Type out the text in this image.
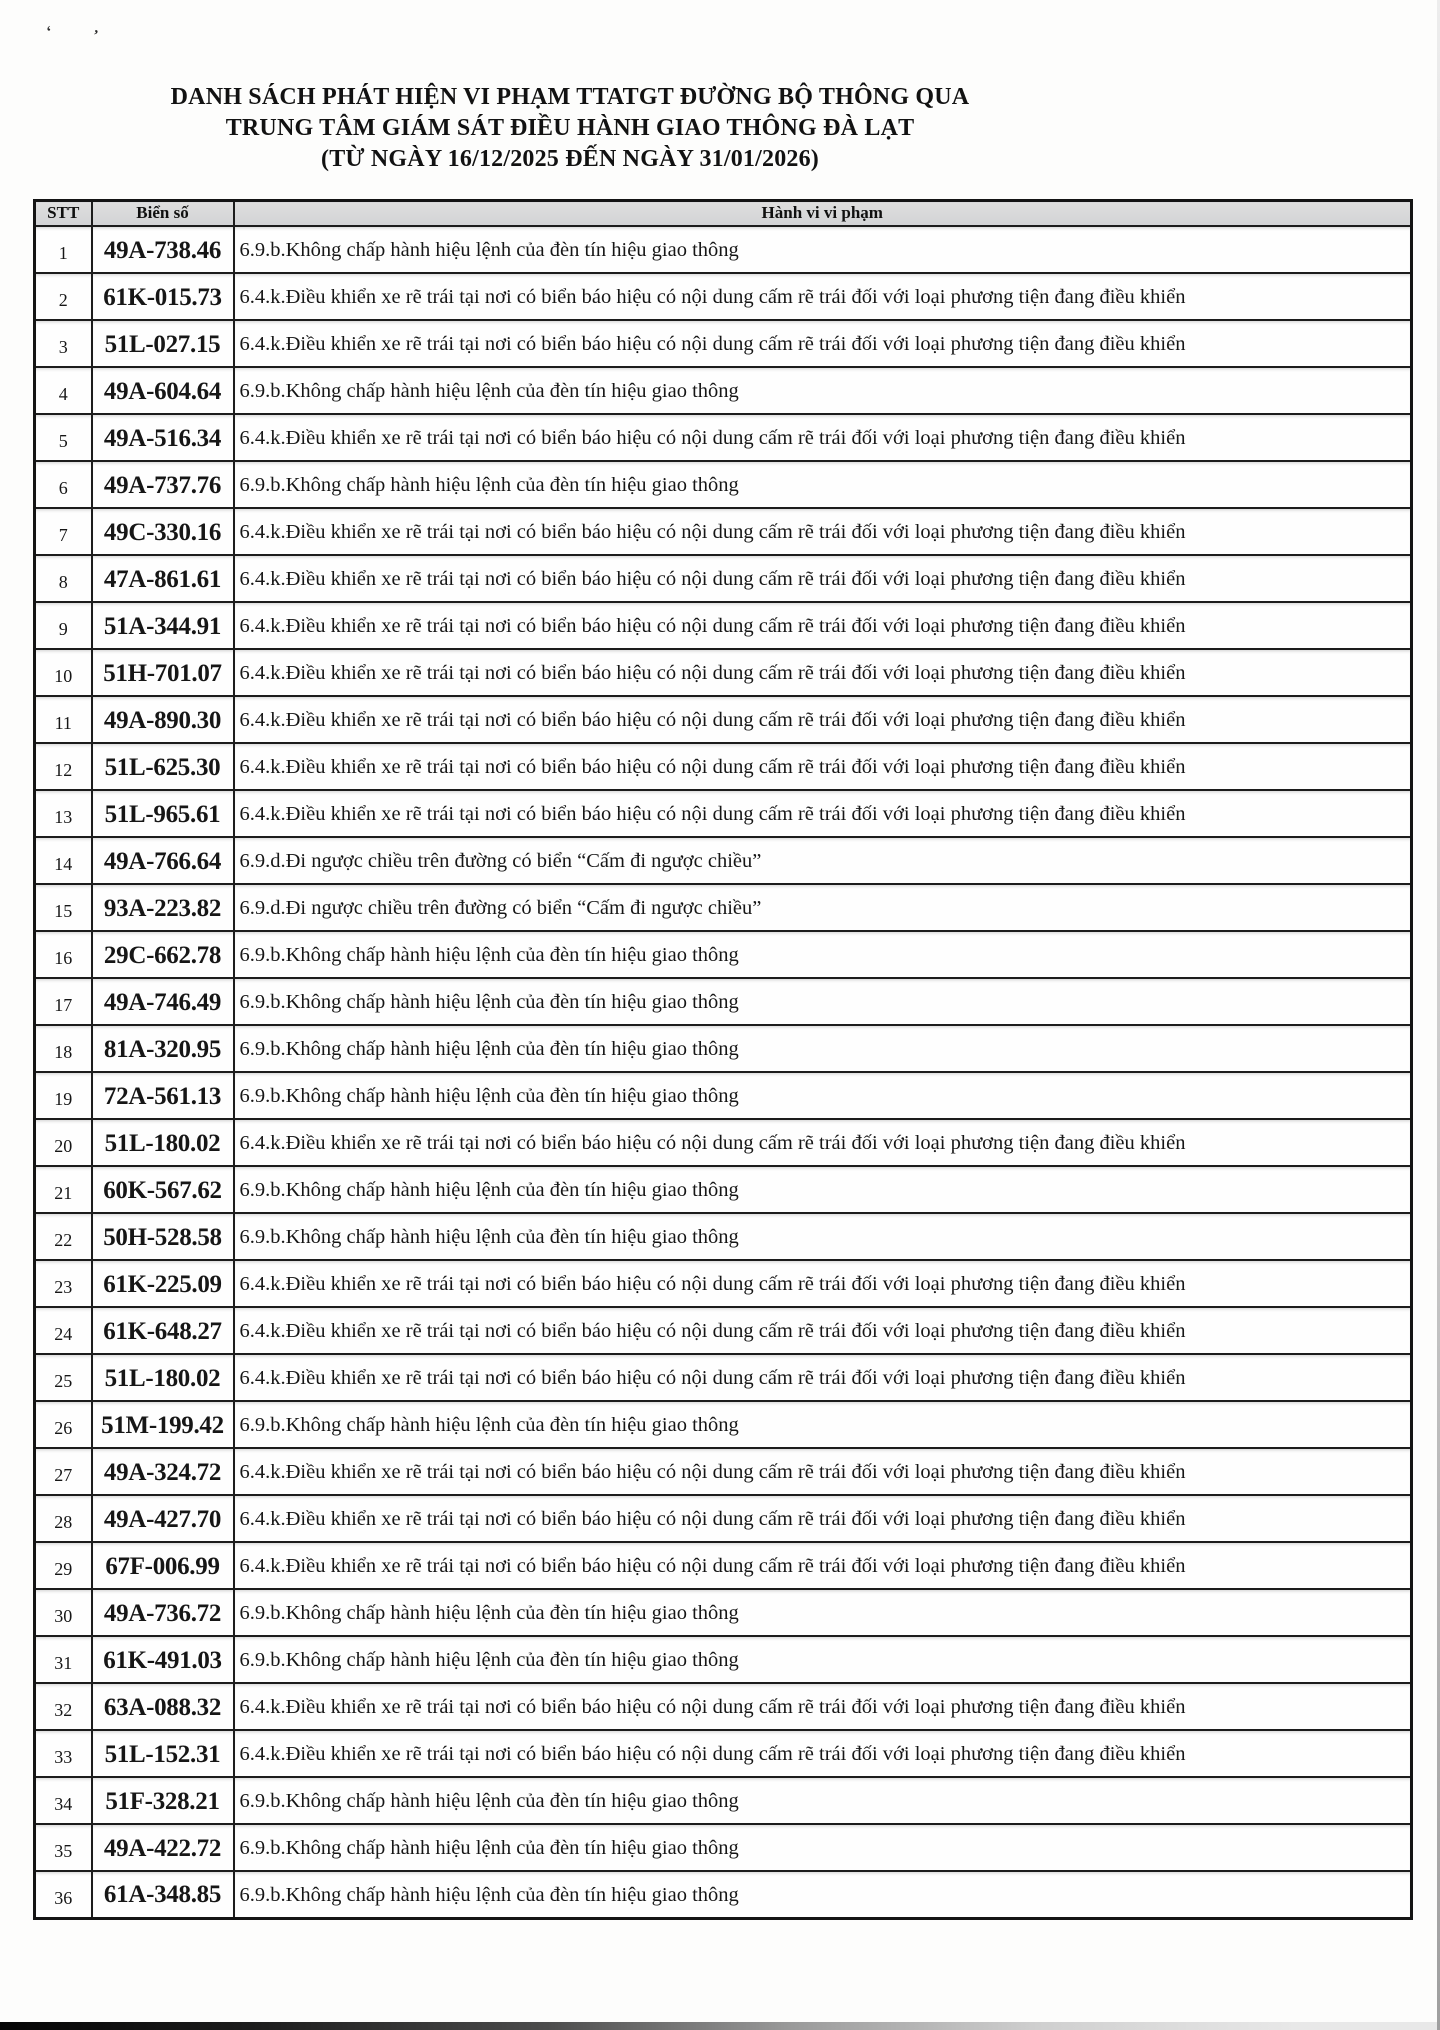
‘	’
DANH SÁCH PHÁT HIỆN VI PHẠM TTATGT ĐƯỜNG BỘ THÔNG QUA
TRUNG TÂM GIÁM SÁT ĐIỀU HÀNH GIAO THÔNG ĐÀ LẠT
(TỪ NGÀY 16/12/2025 ĐẾN NGÀY 31/01/2026)
STT	Biển số	Hành vi vi phạm
1	49A-738.46	6.9.b.Không chấp hành hiệu lệnh của đèn tín hiệu giao thông
2	61K-015.73	6.4.k.Điều khiển xe rẽ trái tại nơi có biển báo hiệu có nội dung cấm rẽ trái đối với loại phương tiện đang điều khiển
3	51L-027.15	6.4.k.Điều khiển xe rẽ trái tại nơi có biển báo hiệu có nội dung cấm rẽ trái đối với loại phương tiện đang điều khiển
4	49A-604.64	6.9.b.Không chấp hành hiệu lệnh của đèn tín hiệu giao thông
5	49A-516.34	6.4.k.Điều khiển xe rẽ trái tại nơi có biển báo hiệu có nội dung cấm rẽ trái đối với loại phương tiện đang điều khiển
6	49A-737.76	6.9.b.Không chấp hành hiệu lệnh của đèn tín hiệu giao thông
7	49C-330.16	6.4.k.Điều khiển xe rẽ trái tại nơi có biển báo hiệu có nội dung cấm rẽ trái đối với loại phương tiện đang điều khiển
8	47A-861.61	6.4.k.Điều khiển xe rẽ trái tại nơi có biển báo hiệu có nội dung cấm rẽ trái đối với loại phương tiện đang điều khiển
9	51A-344.91	6.4.k.Điều khiển xe rẽ trái tại nơi có biển báo hiệu có nội dung cấm rẽ trái đối với loại phương tiện đang điều khiển
10	51H-701.07	6.4.k.Điều khiển xe rẽ trái tại nơi có biển báo hiệu có nội dung cấm rẽ trái đối với loại phương tiện đang điều khiển
11	49A-890.30	6.4.k.Điều khiển xe rẽ trái tại nơi có biển báo hiệu có nội dung cấm rẽ trái đối với loại phương tiện đang điều khiển
12	51L-625.30	6.4.k.Điều khiển xe rẽ trái tại nơi có biển báo hiệu có nội dung cấm rẽ trái đối với loại phương tiện đang điều khiển
13	51L-965.61	6.4.k.Điều khiển xe rẽ trái tại nơi có biển báo hiệu có nội dung cấm rẽ trái đối với loại phương tiện đang điều khiển
14	49A-766.64	6.9.d.Đi ngược chiều trên đường có biển “Cấm đi ngược chiều”
15	93A-223.82	6.9.d.Đi ngược chiều trên đường có biển “Cấm đi ngược chiều”
16	29C-662.78	6.9.b.Không chấp hành hiệu lệnh của đèn tín hiệu giao thông
17	49A-746.49	6.9.b.Không chấp hành hiệu lệnh của đèn tín hiệu giao thông
18	81A-320.95	6.9.b.Không chấp hành hiệu lệnh của đèn tín hiệu giao thông
19	72A-561.13	6.9.b.Không chấp hành hiệu lệnh của đèn tín hiệu giao thông
20	51L-180.02	6.4.k.Điều khiển xe rẽ trái tại nơi có biển báo hiệu có nội dung cấm rẽ trái đối với loại phương tiện đang điều khiển
21	60K-567.62	6.9.b.Không chấp hành hiệu lệnh của đèn tín hiệu giao thông
22	50H-528.58	6.9.b.Không chấp hành hiệu lệnh của đèn tín hiệu giao thông
23	61K-225.09	6.4.k.Điều khiển xe rẽ trái tại nơi có biển báo hiệu có nội dung cấm rẽ trái đối với loại phương tiện đang điều khiển
24	61K-648.27	6.4.k.Điều khiển xe rẽ trái tại nơi có biển báo hiệu có nội dung cấm rẽ trái đối với loại phương tiện đang điều khiển
25	51L-180.02	6.4.k.Điều khiển xe rẽ trái tại nơi có biển báo hiệu có nội dung cấm rẽ trái đối với loại phương tiện đang điều khiển
26	51M-199.42	6.9.b.Không chấp hành hiệu lệnh của đèn tín hiệu giao thông
27	49A-324.72	6.4.k.Điều khiển xe rẽ trái tại nơi có biển báo hiệu có nội dung cấm rẽ trái đối với loại phương tiện đang điều khiển
28	49A-427.70	6.4.k.Điều khiển xe rẽ trái tại nơi có biển báo hiệu có nội dung cấm rẽ trái đối với loại phương tiện đang điều khiển
29	67F-006.99	6.4.k.Điều khiển xe rẽ trái tại nơi có biển báo hiệu có nội dung cấm rẽ trái đối với loại phương tiện đang điều khiển
30	49A-736.72	6.9.b.Không chấp hành hiệu lệnh của đèn tín hiệu giao thông
31	61K-491.03	6.9.b.Không chấp hành hiệu lệnh của đèn tín hiệu giao thông
32	63A-088.32	6.4.k.Điều khiển xe rẽ trái tại nơi có biển báo hiệu có nội dung cấm rẽ trái đối với loại phương tiện đang điều khiển
33	51L-152.31	6.4.k.Điều khiển xe rẽ trái tại nơi có biển báo hiệu có nội dung cấm rẽ trái đối với loại phương tiện đang điều khiển
34	51F-328.21	6.9.b.Không chấp hành hiệu lệnh của đèn tín hiệu giao thông
35	49A-422.72	6.9.b.Không chấp hành hiệu lệnh của đèn tín hiệu giao thông
36	61A-348.85	6.9.b.Không chấp hành hiệu lệnh của đèn tín hiệu giao thông
